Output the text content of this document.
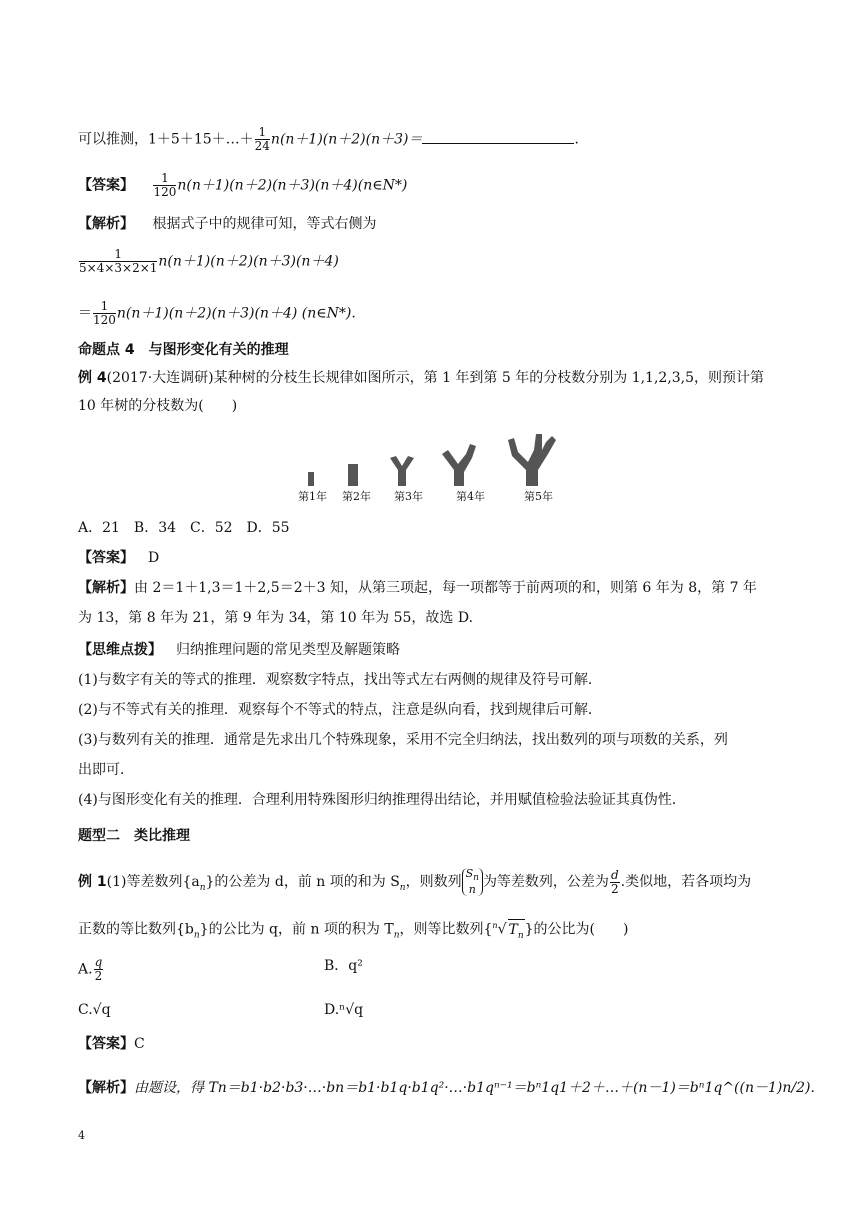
可以推测，1＋5＋15＋…＋ $\frac{1}{24} n(n+1)(n+2)(n+3)=$	.
【答案】 $\frac{1}{120}$ n(n＋1)(n＋2)(n＋3)(n＋4)(n∈N*)
【解析】 根据式子中的规律可知，等式右侧为
$\frac{1}{5\times 4\times 3\times 2\times 1} n(n+1)(n+2)(n+3)(n+4)$
＝ $\frac{1}{120} n(n+1)(n+2)(n+3)(n+4)$ (n∈N*).
命题点 4　与图形变化有关的推理
例 4(2017·大连调研)某种树的分枝生长规律如图所示，第 1 年到第 5 年的分枝数分别为 1,1,2,3,5，则预计第
10 年树的分枝数为(　　)
第1年 第2年 第3年	第4年	第5年
A．21　B．34　C．52　D．55
【答案】 D
【解析】由 2＝1＋1,3＝1＋2,5＝2＋3 知，从第三项起，每一项都等于前两项的和，则第 6 年为 8，第 7 年
为 13，第 8 年为 21，第 9 年为 34，第 10 年为 55，故选 D.
【思维点拨】 归纳推理问题的常见类型及解题策略
(1)与数字有关的等式的推理．观察数字特点，找出等式左右两侧的规律及符号可解．
(2)与不等式有关的推理．观察每个不等式的特点，注意是纵向看，找到规律后可解．
(3)与数列有关的推理．通常是先求出几个特殊现象，采用不完全归纳法，找出数列的项与项数的关系，列
出即可．
(4)与图形变化有关的推理．合理利用特殊图形归纳推理得出结论，并用赋值检验法验证其真伪性．
题型二　类比推理
例 1(1)等差数列$\{a_n\}$的公差为 d，前 n 项的和为 $S_n$，则数列$S_n$
n 为等差数列，公差为 $\frac{d}{2}$ .类似地，若各项均为
正数的等比数列$\{b_n\}$的公比为 q，前 n 项的积为 $T_n$，则等比数列{$^n$√ $T_n$}的公比为(　　)
A. $\frac{q}{2}$	B．q²
C.√q	D.ⁿ√q
【答案】C
【解析】由题设，得 Tn＝b1·b2·b3·…·bn＝b1·b1q·b1q²·…·b1qⁿ⁻¹＝bⁿ1q1＋2＋…＋(n－1)＝bⁿ1q^((n－1)n/2).
4
